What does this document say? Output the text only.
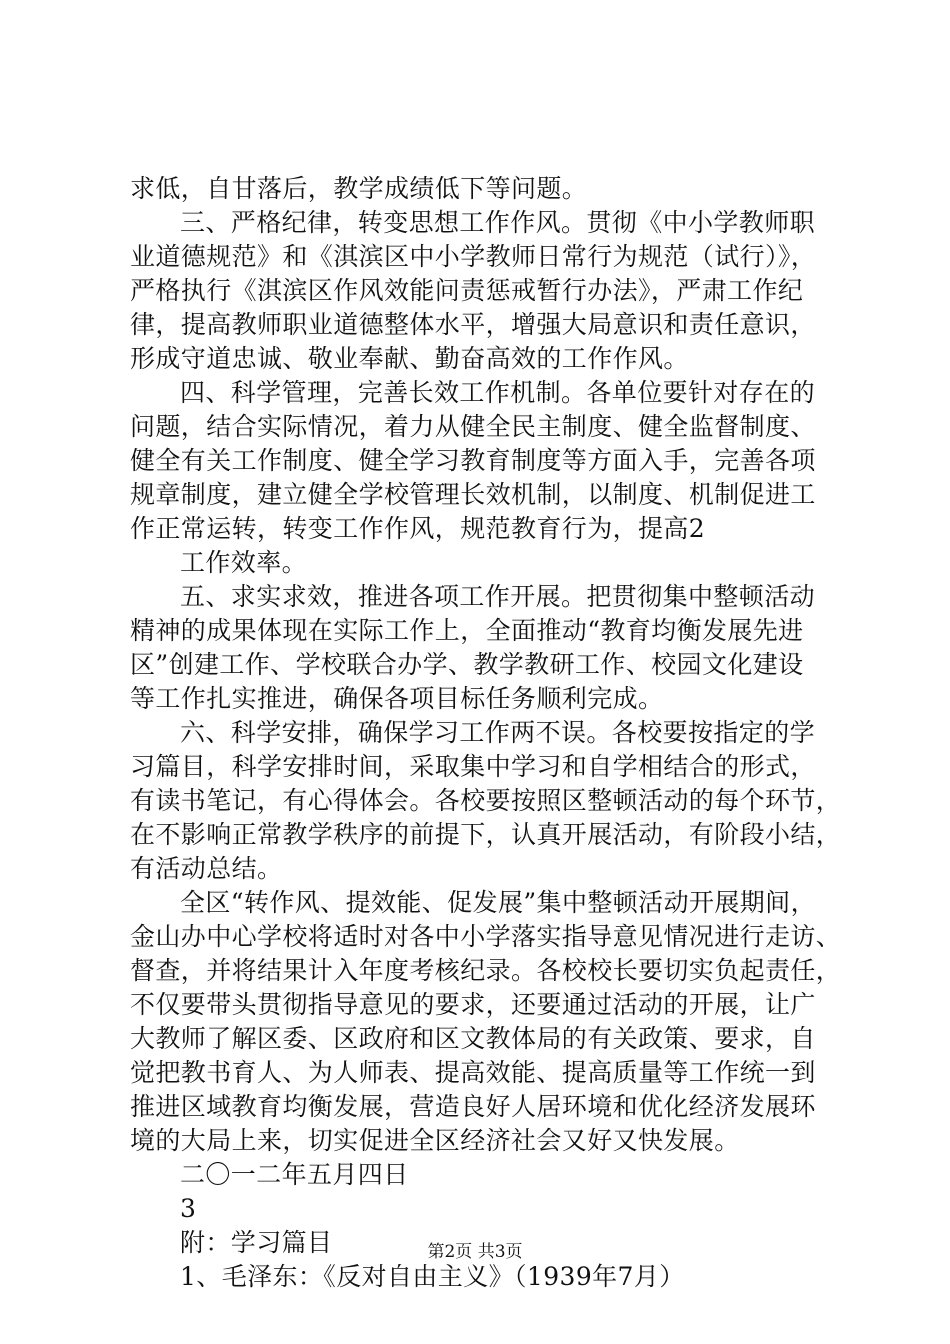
求低，自甘落后，教学成绩低下等问题。
三、严格纪律，转变思想工作作风。贯彻《中小学教师职
业道德规范》和《淇滨区中小学教师日常行为规范（试行）》，
严格执行《淇滨区作风效能问责惩戒暂行办法》，严肃工作纪
律，提高教师职业道德整体水平，增强大局意识和责任意识，
形成守道忠诚、敬业奉献、勤奋高效的工作作风。
四、科学管理，完善长效工作机制。各单位要针对存在的
问题，结合实际情况，着力从健全民主制度、健全监督制度、
健全有关工作制度、健全学习教育制度等方面入手，完善各项
规章制度，建立健全学校管理长效机制，以制度、机制促进工
作正常运转，转变工作作风，规范教育行为，提高2
工作效率。
五、求实求效，推进各项工作开展。把贯彻集中整顿活动
精神的成果体现在实际工作上，全面推动“教育均衡发展先进
区”创建工作、学校联合办学、教学教研工作、校园文化建设
等工作扎实推进，确保各项目标任务顺利完成。
六、科学安排，确保学习工作两不误。各校要按指定的学
习篇目，科学安排时间，采取集中学习和自学相结合的形式，
有读书笔记，有心得体会。各校要按照区整顿活动的每个环节，
在不影响正常教学秩序的前提下，认真开展活动，有阶段小结，
有活动总结。
全区“转作风、提效能、促发展”集中整顿活动开展期间，
金山办中心学校将适时对各中小学落实指导意见情况进行走访、
督查，并将结果计入年度考核纪录。各校校长要切实负起责任，
不仅要带头贯彻指导意见的要求，还要通过活动的开展，让广
大教师了解区委、区政府和区文教体局的有关政策、要求，自
觉把教书育人、为人师表、提高效能、提高质量等工作统一到
推进区域教育均衡发展，营造良好人居环境和优化经济发展环
境的大局上来，切实促进全区经济社会又好又快发展。
二〇一二年五月四日
3
附：学习篇目
1、毛泽东：《反对自由主义》（1939年7月）
第2页 共3页
